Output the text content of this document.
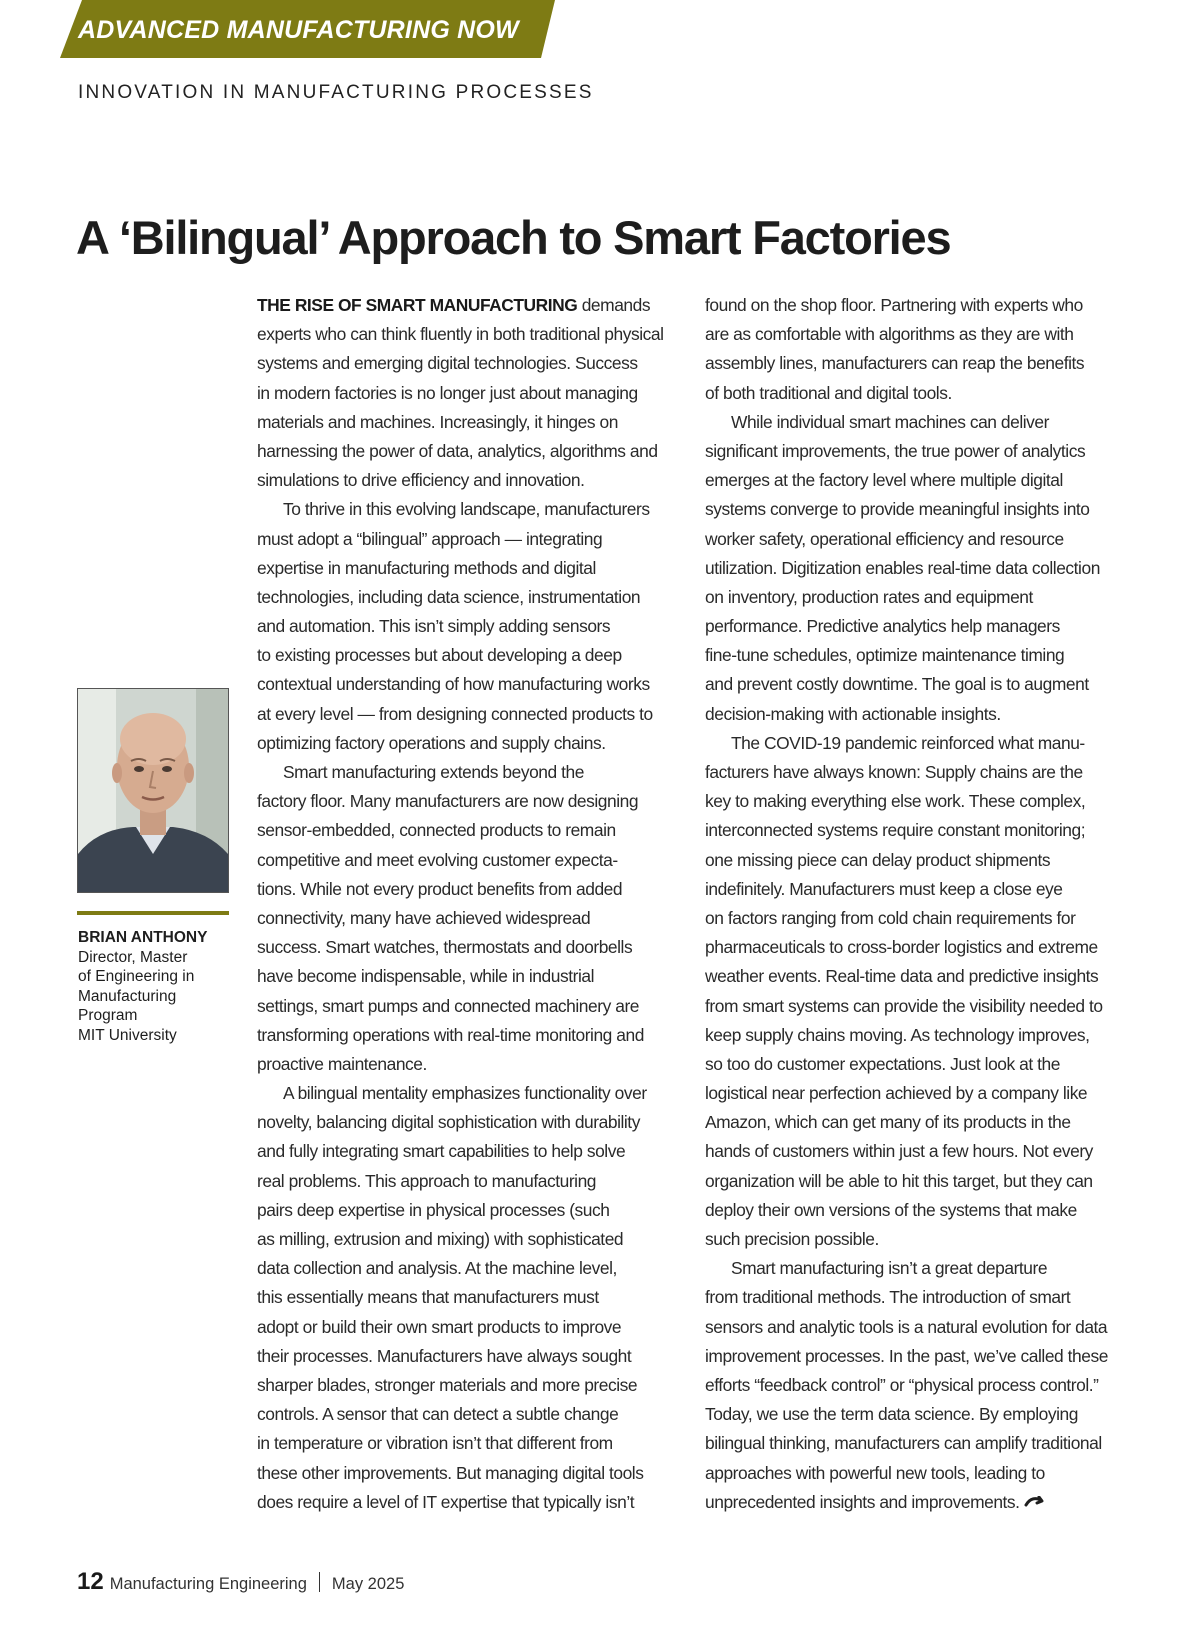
ADVANCED MANUFACTURING NOW
INNOVATION IN MANUFACTURING PROCESSES
A ‘Bilingual’ Approach to Smart Factories
THE RISE OF SMART MANUFACTURING demands
experts who can think fluently in both traditional physical
systems and emerging digital technologies. Success
in modern factories is no longer just about managing
materials and machines. Increasingly, it hinges on
harnessing the power of data, analytics, algorithms and
simulations to drive efficiency and innovation.
To thrive in this evolving landscape, manufacturers
must adopt a “bilingual” approach — integrating
expertise in manufacturing methods and digital
technologies, including data science, instrumentation
and automation. This isn’t simply adding sensors
to existing processes but about developing a deep
contextual understanding of how manufacturing works
at every level — from designing connected products to
optimizing factory operations and supply chains.
Smart manufacturing extends beyond the
factory floor. Many manufacturers are now designing
sensor-embedded, connected products to remain
competitive and meet evolving customer expecta-
tions. While not every product benefits from added
connectivity, many have achieved widespread
success. Smart watches, thermostats and doorbells
have become indispensable, while in industrial
settings, smart pumps and connected machinery are
transforming operations with real-time monitoring and
proactive maintenance.
A bilingual mentality emphasizes functionality over
novelty, balancing digital sophistication with durability
and fully integrating smart capabilities to help solve
real problems. This approach to manufacturing
pairs deep expertise in physical processes (such
as milling, extrusion and mixing) with sophisticated
data collection and analysis. At the machine level,
this essentially means that manufacturers must
adopt or build their own smart products to improve
their processes. Manufacturers have always sought
sharper blades, stronger materials and more precise
controls. A sensor that can detect a subtle change
in temperature or vibration isn’t that different from
these other improvements. But managing digital tools
does require a level of IT expertise that typically isn’t
found on the shop floor. Partnering with experts who
are as comfortable with algorithms as they are with
assembly lines, manufacturers can reap the benefits
of both traditional and digital tools.
While individual smart machines can deliver
significant improvements, the true power of analytics
emerges at the factory level where multiple digital
systems converge to provide meaningful insights into
worker safety, operational efficiency and resource
utilization. Digitization enables real-time data collection
on inventory, production rates and equipment
performance. Predictive analytics help managers
fine-tune schedules, optimize maintenance timing
and prevent costly downtime. The goal is to augment
decision-making with actionable insights.
The COVID-19 pandemic reinforced what manu-
facturers have always known: Supply chains are the
key to making everything else work. These complex,
interconnected systems require constant monitoring;
one missing piece can delay product shipments
indefinitely. Manufacturers must keep a close eye
on factors ranging from cold chain requirements for
pharmaceuticals to cross-border logistics and extreme
weather events. Real-time data and predictive insights
from smart systems can provide the visibility needed to
keep supply chains moving. As technology improves,
so too do customer expectations. Just look at the
logistical near perfection achieved by a company like
Amazon, which can get many of its products in the
hands of customers within just a few hours. Not every
organization will be able to hit this target, but they can
deploy their own versions of the systems that make
such precision possible.
Smart manufacturing isn’t a great departure
from traditional methods. The introduction of smart
sensors and analytic tools is a natural evolution for data
improvement processes. In the past, we’ve called these
efforts “feedback control” or “physical process control.”
Today, we use the term data science. By employing
bilingual thinking, manufacturers can amplify traditional
approaches with powerful new tools, leading to
unprecedented insights and improvements.
BRIAN ANTHONY
Director, Master
of Engineering in
Manufacturing
Program
MIT University
12 Manufacturing Engineering May 2025
